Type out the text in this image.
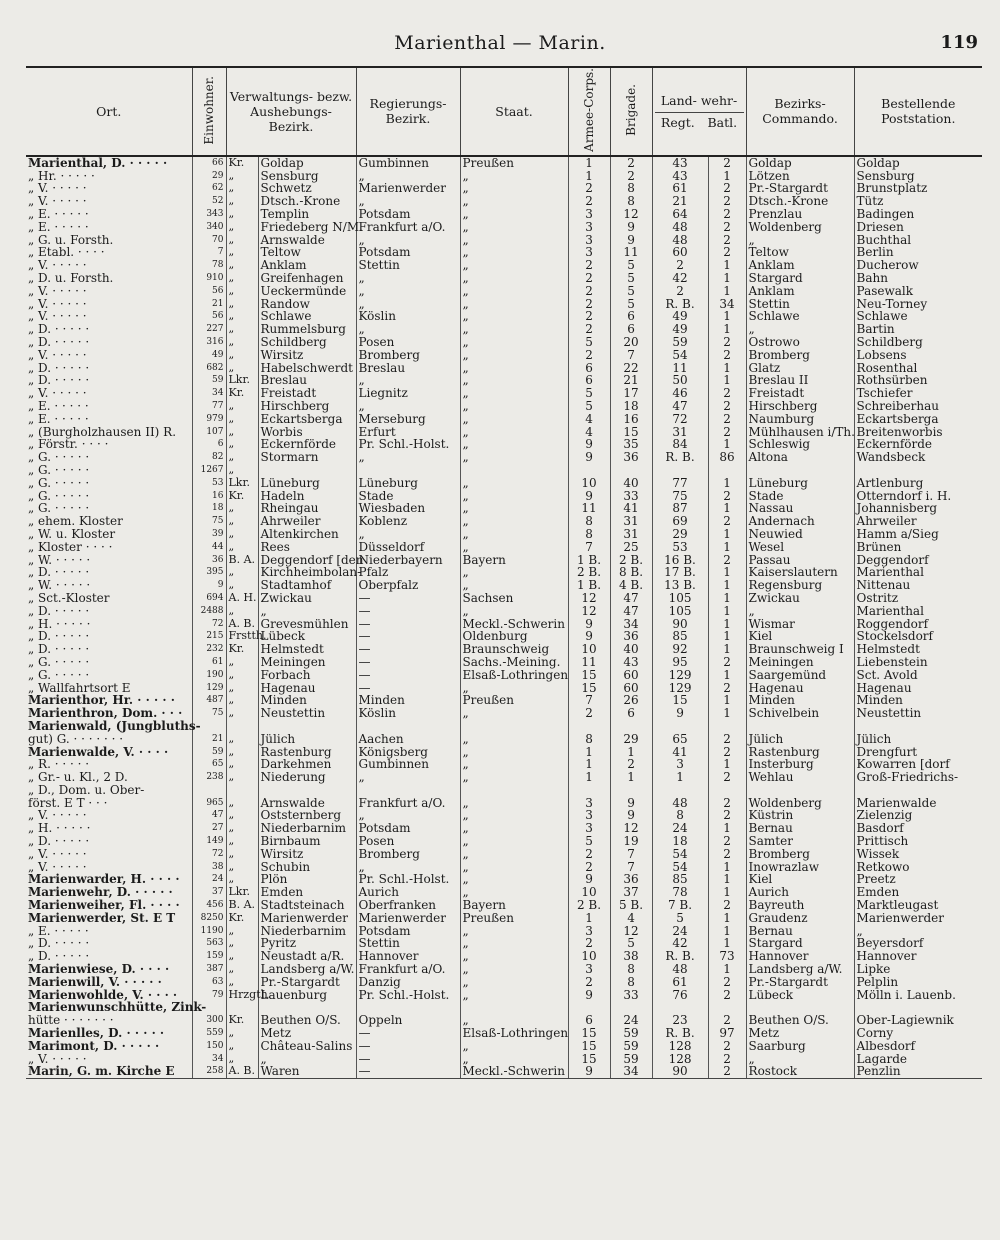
Marienthal — Marin.	119
Ort.	Einwohner.	Verwaltungs- bezw. Aushebungs- Bezirk.		Regierungs- Bezirk.	Staat.	Armee-Corps.	Brigade.	Land- wehr-
Regt. Batl.		Bezirks- Commando.	Bestellende Poststation.
Marienthal, D. · · · · ·	66	Kr.	Goldap	Gumbinnen	Preußen	1	2	43	2	Goldap	Goldap
„ Hr. · · · · ·	29	„	Sensburg	„	„	1	2	43	1	Lötzen	Sensburg
„ V. · · · · ·	62	„	Schwetz	Marienwerder	„	2	8	61	2	Pr.-Stargardt	Brunstplatz
„ V. · · · · ·	52	„	Dtsch.-Krone	„	„	2	8	21	2	Dtsch.-Krone	Tütz
„ E. · · · · ·	343	„	Templin	Potsdam	„	3	12	64	2	Prenzlau	Badingen
„ E. · · · · ·	340	„	Friedeberg N/M.	Frankfurt a/O.	„	3	9	48	2	Woldenberg	Driesen
„ G. u. Forsth.	70	„	Arnswalde	„	„	3	9	48	2	„	Buchthal
„ Etabl. · · · ·	7	„	Teltow	Potsdam	„	3	11	60	2	Teltow	Berlin
„ V. · · · · ·	78	„	Anklam	Stettin	„	2	5	2	1	Anklam	Ducherow
„ D. u. Forsth.	910	„	Greifenhagen	„	„	2	5	42	1	Stargard	Bahn
„ V. · · · · ·	56	„	Ueckermünde	„	„	2	5	2	1	Anklam	Pasewalk
„ V. · · · · ·	21	„	Randow	„	„	2	5	R. B.	34	Stettin	Neu-Torney
„ V. · · · · ·	56	„	Schlawe	Köslin	„	2	6	49	1	Schlawe	Schlawe
„ D. · · · · ·	227	„	Rummelsburg	„	„	2	6	49	1	„	Bartin
„ D. · · · · ·	316	„	Schildberg	Posen	„	5	20	59	2	Ostrowo	Schildberg
„ V. · · · · ·	49	„	Wirsitz	Bromberg	„	2	7	54	2	Bromberg	Lobsens
„ D. · · · · ·	682	„	Habelschwerdt	Breslau	„	6	22	11	1	Glatz	Rosenthal
„ D. · · · · ·	59	Lkr.	Breslau	„	„	6	21	50	1	Breslau II	Rothsürben
„ V. · · · · ·	34	Kr.	Freistadt	Liegnitz	„	5	17	46	2	Freistadt	Tschiefer
„ E. · · · · ·	77	„	Hirschberg	„	„	5	18	47	2	Hirschberg	Schreiberhau
„ E. · · · · ·	979	„	Eckartsberga	Merseburg	„	4	16	72	2	Naumburg	Eckartsberga
„ (Burgholzhausen II) R.	107	„	Worbis	Erfurt	„	4	15	31	2	Mühlhausen i/Th.	Breitenworbis
„ Förstr. · · · ·	6	„	Eckernförde	Pr. Schl.-Holst.	„	9	35	84	1	Schleswig	Eckernförde
„ G. · · · · ·	82	„	Stormarn	„	„	9	36	R. B.	86	Altona	Wandsbeck
„ G. · · · · ·	1267	„									
„ G. · · · · ·	53	Lkr.	Lüneburg	Lüneburg	„	10	40	77	1	Lüneburg	Artlenburg
„ G. · · · · ·	16	Kr.	Hadeln	Stade	„	9	33	75	2	Stade	Otterndorf i. H.
„ G. · · · · ·	18	„	Rheingau	Wiesbaden	„	11	41	87	1	Nassau	Johannisberg
„ ehem. Kloster	75	„	Ahrweiler	Koblenz	„	8	31	69	2	Andernach	Ahrweiler
„ W. u. Kloster	39	„	Altenkirchen	„	„	8	31	29	1	Neuwied	Hamm a/Sieg
„ Kloster · · · ·	44	„	Rees	Düsseldorf	„	7	25	53	1	Wesel	Brünen
„ W. · · · · ·	36	B. A.	Deggendorf [den	Niederbayern	Bayern	1 B.	2 B.	16 B.	2	Passau	Deggendorf
„ D. · · · · ·	395	„	Kirchheimbolan-	Pfalz	„	2 B.	8 B.	17 B.	1	Kaiserslautern	Marienthal
„ W. · · · · ·	9	„	Stadtamhof	Oberpfalz	„	1 B.	4 B.	13 B.	1	Regensburg	Nittenau
„ Sct.-Kloster	694	A. H.	Zwickau	—	Sachsen	12	47	105	1	Zwickau	Ostritz
„ D. · · · · ·	2488	„	„	—	„	12	47	105	1	„	Marienthal
„ H. · · · · ·	72	A. B.	Grevesmühlen	—	Meckl.-Schwerin	9	34	90	1	Wismar	Roggendorf
„ D. · · · · ·	215	Frstth.	Lübeck	—	Oldenburg	9	36	85	1	Kiel	Stockelsdorf
„ D. · · · · ·	232	Kr.	Helmstedt	—	Braunschweig	10	40	92	1	Braunschweig I	Helmstedt
„ G. · · · · ·	61	„	Meiningen	—	Sachs.-Meining.	11	43	95	2	Meiningen	Liebenstein
„ G. · · · · ·	190	„	Forbach	—	Elsaß-Lothringen	15	60	129	1	Saargemünd	Sct. Avold
„ Wallfahrtsort E	129	„	Hagenau	—	„	15	60	129	2	Hagenau	Hagenau
Marienthor, Hr. · · · · ·	487	„	Minden	Minden	Preußen	7	26	15	1	Minden	Minden
Marienthron, Dom. · · ·	75	„	Neustettin	Köslin	„	2	6	9	1	Schivelbein	Neustettin
Marienwald, (Jungbluths-											
gut) G. · · · · · · ·	21	„	Jülich	Aachen	„	8	29	65	2	Jülich	Jülich
Marienwalde, V. · · · ·	59	„	Rastenburg	Königsberg	„	1	1	41	2	Rastenburg	Drengfurt
„ R. · · · · ·	65	„	Darkehmen	Gumbinnen	„	1	2	3	1	Insterburg	Kowarren [dorf
„ Gr.- u. Kl., 2 D.	238	„	Niederung	„	„	1	1	1	2	Wehlau	Groß-Friedrichs-
„ D., Dom. u. Ober-											
först. E T · · ·	965	„	Arnswalde	Frankfurt a/O.	„	3	9	48	2	Woldenberg	Marienwalde
„ V. · · · · ·	47	„	Oststernberg	„	„	3	9	8	2	Küstrin	Zielenzig
„ H. · · · · ·	27	„	Niederbarnim	Potsdam	„	3	12	24	1	Bernau	Basdorf
„ D. · · · · ·	149	„	Birnbaum	Posen	„	5	19	18	2	Samter	Prittisch
„ V. · · · · ·	72	„	Wirsitz	Bromberg	„	2	7	54	2	Bromberg	Wissek
„ V. · · · · ·	38	„	Schubin	„	„	2	7	54	1	Inowrazlaw	Retkowo
Marienwarder, H. · · · ·	24	„	Plön	Pr. Schl.-Holst.	„	9	36	85	1	Kiel	Preetz
Marienwehr, D. · · · · ·	37	Lkr.	Emden	Aurich	„	10	37	78	1	Aurich	Emden
Marienweiher, Fl. · · · ·	456	B. A.	Stadtsteinach	Oberfranken	Bayern	2 B.	5 B.	7 B.	2	Bayreuth	Marktleugast
Marienwerder, St. E T	8250	Kr.	Marienwerder	Marienwerder	Preußen	1	4	5	1	Graudenz	Marienwerder
„ E. · · · · ·	1190	„	Niederbarnim	Potsdam	„	3	12	24	1	Bernau	„
„ D. · · · · ·	563	„	Pyritz	Stettin	„	2	5	42	1	Stargard	Beyersdorf
„ D. · · · · ·	159	„	Neustadt a/R.	Hannover	„	10	38	R. B.	73	Hannover	Hannover
Marienwiese, D. · · · ·	387	„	Landsberg a/W.	Frankfurt a/O.	„	3	8	48	1	Landsberg a/W.	Lipke
Marienwill, V. · · · · ·	63	„	Pr.-Stargardt	Danzig	„	2	8	61	2	Pr.-Stargardt	Pelplin
Marienwohlde, V. · · · ·	79	Hrzgth.	Lauenburg	Pr. Schl.-Holst.	„	9	33	76	2	Lübeck	Mölln i. Lauenb.
Marienwunschhütte, Zink-											
hütte · · · · · · ·	300	Kr.	Beuthen O/S.	Oppeln	„	6	24	23	2	Beuthen O/S.	Ober-Lagiewnik
Marienlles, D. · · · · ·	559	„	Metz	—	Elsaß-Lothringen	15	59	R. B.	97	Metz	Corny
Marimont, D. · · · · ·	150	„	Château-Salins	—	„	15	59	128	2	Saarburg	Albesdorf
„ V. · · · · ·	34	„	„	—	„	15	59	128	2	„	Lagarde
Marin, G. m. Kirche E	258	A. B.	Waren	—	Meckl.-Schwerin	9	34	90	2	Rostock	Penzlin
